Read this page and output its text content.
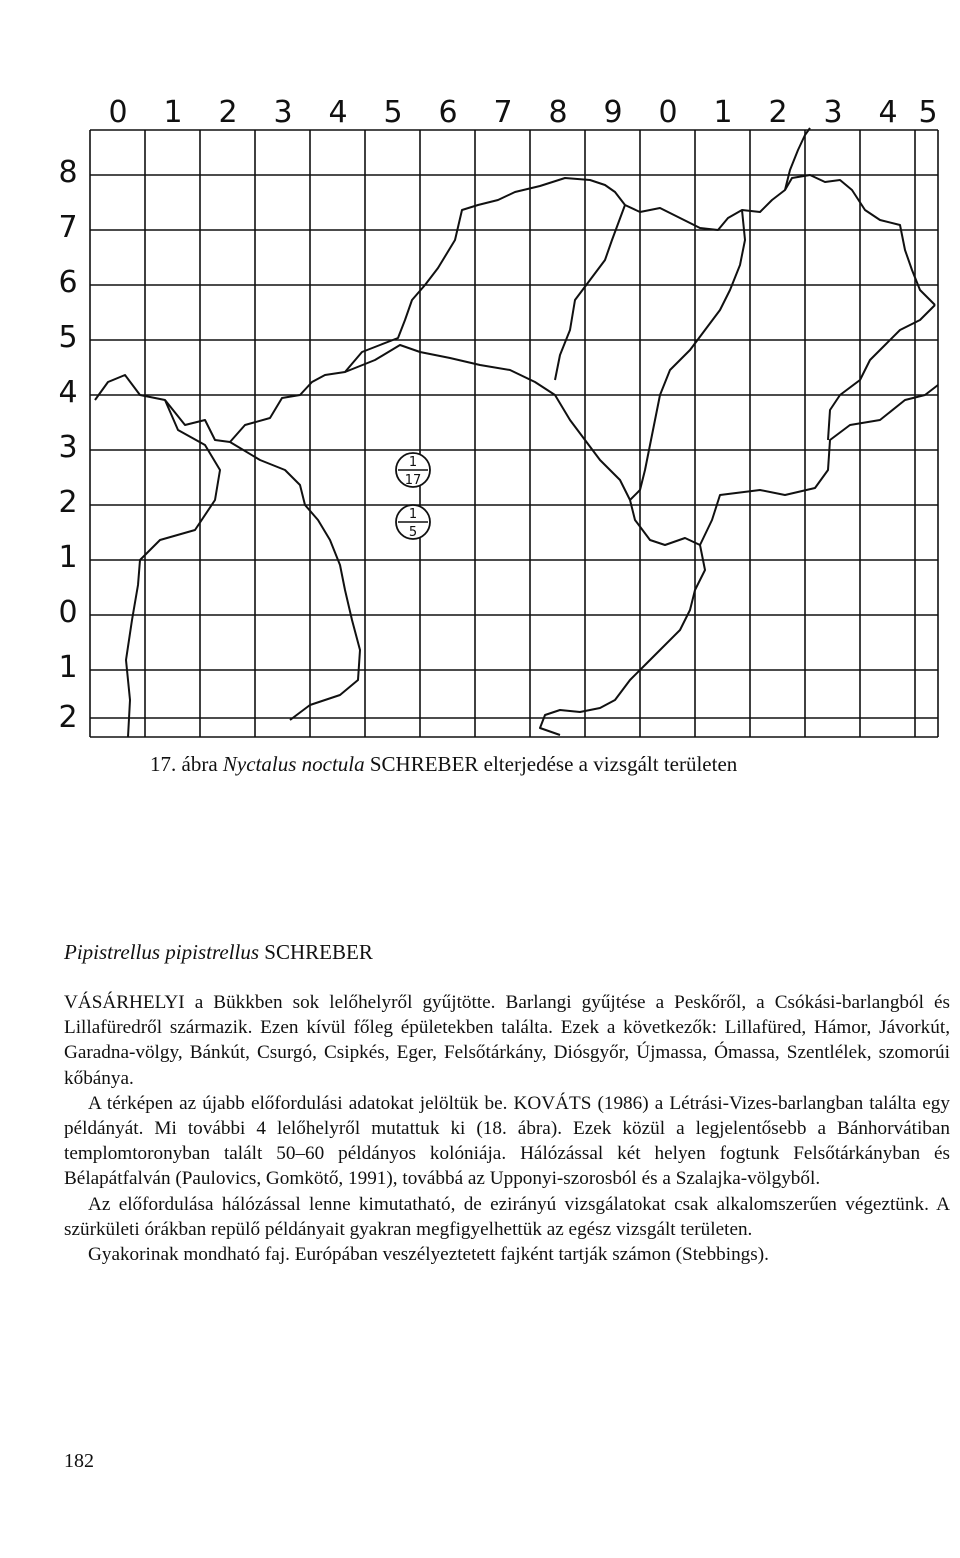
0 1 2 3 4 5 6 7 8 9 0 1 2 3 4 5
8
7
6
5
4
3
2
1
0
1
2
1
17
1
5
17. ábra Nyctalus noctula SCHREBER elterjedése a vizsgált területen
Pipistrellus pipistrellus SCHREBER

VÁSÁRHELYI a Bükkben sok lelőhelyről gyűjtötte. Barlangi gyűjtése a Peskőről, a Csókási-barlangból és Lillafüredről származik. Ezen kívül főleg épületekben találta. Ezek a következők: Lillafüred, Hámor, Jávorkút, Garadna-völgy, Bánkút, Csurgó, Csipkés, Eger, Felsőtárkány, Diósgyőr, Újmassa, Ómassa, Szentlélek, szomorúi kőbánya.

A térképen az újabb előfordulási adatokat jelöltük be. KOVÁTS (1986) a Létrási-Vizes-barlangban találta egy példányát. Mi további 4 lelőhelyről mutattuk ki (18. ábra). Ezek közül a legjelentősebb a Bánhorvátiban templomtoronyban talált 50–60 példányos kolóniája. Hálózással két helyen fogtunk Felsőtárkányban és Bélapátfalván (Paulovics, Gomkötő, 1991), továbbá az Upponyi-szorosból és a Szalajka-völgyből.

Az előfordulása hálózással lenne kimutatható, de ezirányú vizsgálatokat csak alkalomszerűen végeztünk. A szürkületi órákban repülő példányait gyakran megfigyelhettük az egész vizsgált területen.

Gyakorinak mondható faj. Európában veszélyeztetett fajként tartják számon (Stebbings).

182
